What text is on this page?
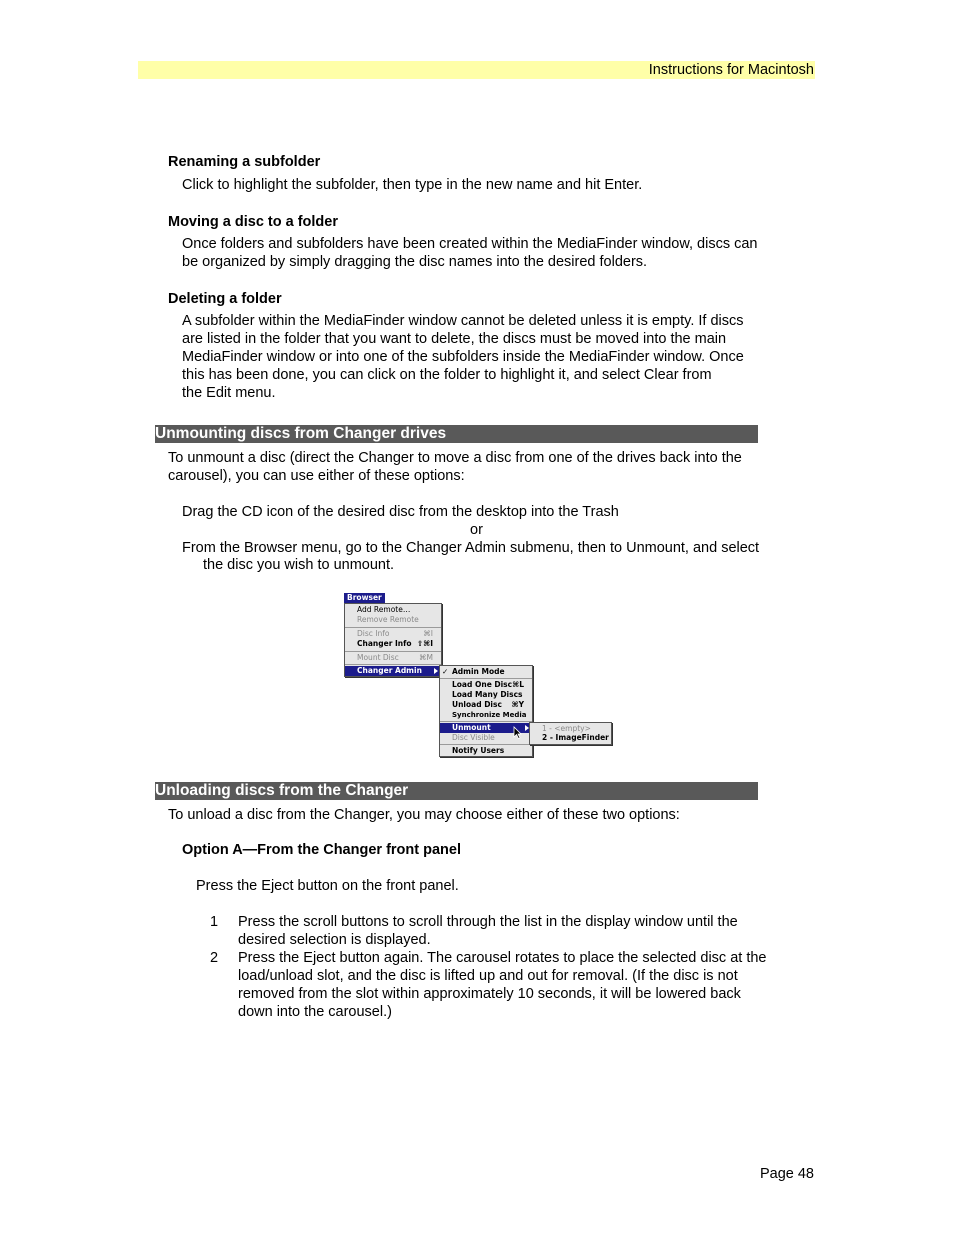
Instructions for Macintosh
Renaming a subfolder
Click to highlight the subfolder, then type in the new name and hit Enter.
Moving a disc to a folder
Once folders and subfolders have been created within the MediaFinder window, discs can
be organized by simply dragging the disc names into the desired folders.
Deleting a folder
A subfolder within the MediaFinder window cannot be deleted unless it is empty. If discs
are listed in the folder that you want to delete, the discs must be moved into the main
MediaFinder window or into one of the subfolders inside the MediaFinder window. Once
this has been done, you can click on the folder to highlight it, and select Clear from
the Edit menu.
Unmounting discs from Changer drives
To unmount a disc (direct the Changer to move a disc from one of the drives back into the
carousel), you can use either of these options:
Drag the CD icon of the desired disc from the desktop into the Trash
or
From the Browser menu, go to the Changer Admin submenu, then to Unmount, and select
the disc you wish to unmount.
Browser
Add Remote…
Remove Remote
Disc Info	⌘I
Changer Info ⇧⌘I
Mount Disc	⌘M
Changer Admin	✓ Admin Mode
Load One Disc ⌘L
Load Many Discs
Unload Disc ⌘Y
Synchronize Media
Unmount
Disc Visible
Notify Users
1 - <empty>
2 - ImageFinder
Unloading discs from the Changer
To unload a disc from the Changer, you may choose either of these two options:
Option A—From the Changer front panel
Press the Eject button on the front panel.
1 Press the scroll buttons to scroll through the list in the display window until the
desired selection is displayed.
2 Press the Eject button again. The carousel rotates to place the selected disc at the
load/unload slot, and the disc is lifted up and out for removal. (If the disc is not
removed from the slot within approximately 10 seconds, it will be lowered back
down into the carousel.)
Page 48
